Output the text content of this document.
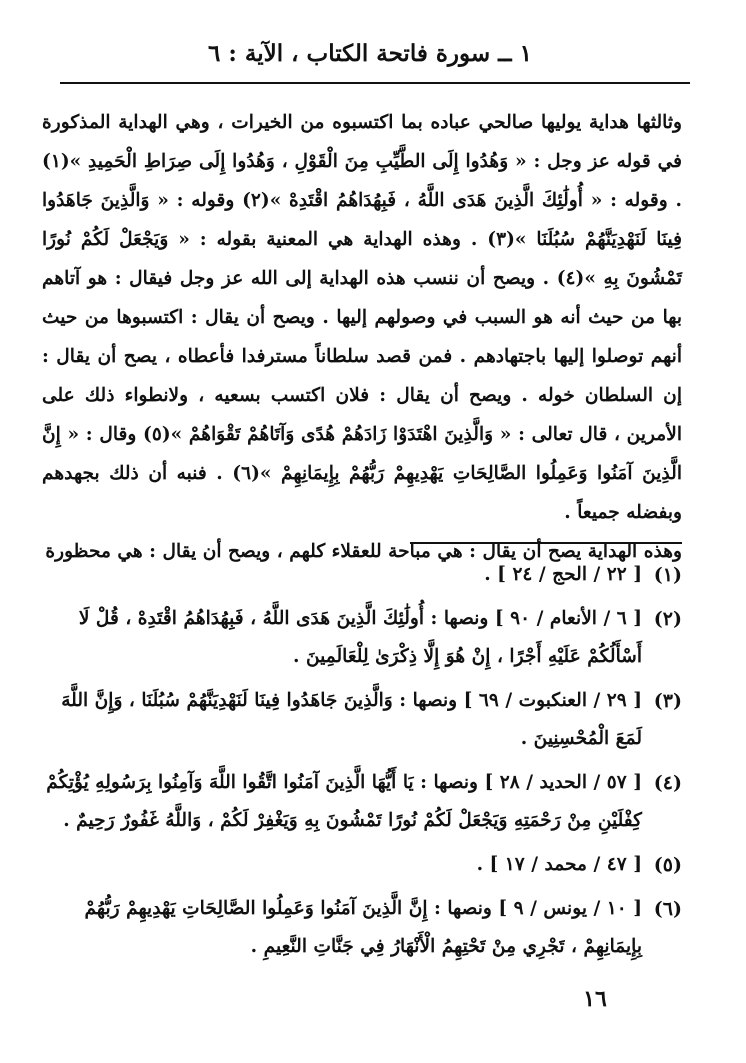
١ ــ سورة فاتحة الكتاب ، الآية : ٦

وثالثها هداية يوليها صالحي عباده بما اكتسبوه من الخيرات ، وهي الهداية المذكورة في قوله عز وجل : « وَهُدُوا إِلَى الطَّيِّبِ مِنَ الْقَوْلِ ، وَهُدُوا إِلَى صِرَاطِ الْحَمِيدِ »(١) . وقوله : « أُولَٰئِكَ الَّذِينَ هَدَى اللَّهُ ، فَبِهُدَاهُمُ اقْتَدِهْ »(٢) وقوله : « وَالَّذِينَ جَاهَدُوا فِينَا لَنَهْدِيَنَّهُمْ سُبُلَنَا »(٣) . وهذه الهداية هي المعنية بقوله : « وَيَجْعَلْ لَكُمْ نُورًا تَمْشُونَ بِهِ »(٤) . ويصح أن ننسب هذه الهداية إلى الله عز وجل فيقال : هو آتاهم بها من حيث أنه هو السبب في وصولهم إليها . ويصح أن يقال : اكتسبوها من حيث أنهم توصلوا إليها باجتهادهم . فمن قصد سلطاناً مسترفدا فأعطاه ، يصح أن يقال : إن السلطان خوله . ويصح أن يقال : فلان اكتسب بسعيه ، ولانطواء ذلك على الأمرين ، قال تعالى : « وَالَّذِينَ اهْتَدَوْا زَادَهُمْ هُدًى وَآتَاهُمْ تَقْوَاهُمْ »(٥) وقال : « إِنَّ الَّذِينَ آمَنُوا وَعَمِلُوا الصَّالِحَاتِ يَهْدِيهِمْ رَبُّهُمْ بِإِيمَانِهِمْ »(٦) . فنبه أن ذلك بجهدهم وبفضله جميعاً .

وهذه الهداية يصح أن يقال : هي مباحة للعقلاء كلهم ، ويصح أن يقال : هي محظورة

(١)
[ ٢٢ / الحج / ٢٤ ] .
(٢)
[ ٦ / الأنعام / ٩٠ ] ونصها : أُولَٰئِكَ الَّذِينَ هَدَى اللَّهُ ، فَبِهُدَاهُمُ اقْتَدِهْ ، قُلْ لَا أَسْأَلُكُمْ عَلَيْهِ أَجْرًا ، إِنْ هُوَ إِلَّا ذِكْرَىٰ لِلْعَالَمِينَ .
(٣)
[ ٢٩ / العنكبوت / ٦٩ ] ونصها : وَالَّذِينَ جَاهَدُوا فِينَا لَنَهْدِيَنَّهُمْ سُبُلَنَا ، وَإِنَّ اللَّهَ لَمَعَ الْمُحْسِنِينَ .
(٤)
[ ٥٧ / الحديد / ٢٨ ] ونصها : يَا أَيُّهَا الَّذِينَ آمَنُوا اتَّقُوا اللَّهَ وَآمِنُوا بِرَسُولِهِ يُؤْتِكُمْ كِفْلَيْنِ مِنْ رَحْمَتِهِ وَيَجْعَلْ لَكُمْ نُورًا تَمْشُونَ بِهِ وَيَغْفِرْ لَكُمْ ، وَاللَّهُ غَفُورٌ رَحِيمٌ .
(٥)
[ ٤٧ / محمد / ١٧ ] .
(٦)
[ ١٠ / يونس / ٩ ] ونصها : إِنَّ الَّذِينَ آمَنُوا وَعَمِلُوا الصَّالِحَاتِ يَهْدِيهِمْ رَبُّهُمْ بِإِيمَانِهِمْ ، تَجْرِي مِنْ تَحْتِهِمُ الْأَنْهَارُ فِي جَنَّاتِ النَّعِيمِ .
١٦
